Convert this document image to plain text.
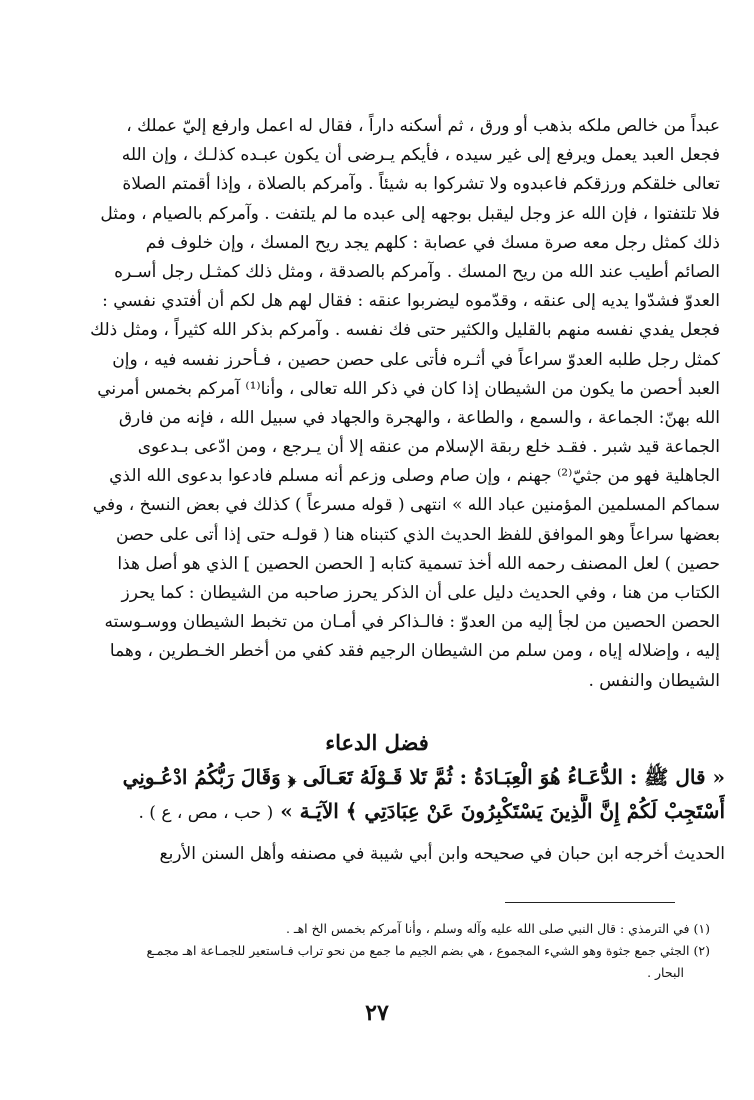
عبداً من خالص ملكه بذهب أو ورق ، ثم أسكنه داراً ، فقال له اعمل وارفع إليّ عملك ،
فجعل العبد يعمل ويرفع إلى غير سيده ، فأيكم يـرضى أن يكون عبـده كذلـك ، وإن الله
تعالى خلقكم ورزقكم فاعبدوه ولا تشركوا به شيئاً . وآمركم بالصلاة ، وإذا أقمتم الصلاة
فلا تلتفتوا ، فإن الله عز وجل ليقبل بوجهه إلى عبده ما لم يلتفت . وآمركم بالصيام ، ومثل
ذلك كمثل رجل معه صرة مسك في عصابة : كلهم يجد ريح المسك ، وإن خلوف فم
الصائم أطيب عند الله من ريح المسك . وآمركم بالصدقة ، ومثل ذلك كمثـل رجل أسـره
العدوّ فشدّوا يديه إلى عنقه ، وقدّموه ليضربوا عنقه : فقال لهم هل لكم أن أفتدي نفسي :
فجعل يفدي نفسه منهم بالقليل والكثير حتى فك نفسه . وآمركم بذكر الله كثيراً ، ومثل ذلك
كمثل رجل طلبه العدوّ سراعاً في أثـره فأتى على حصن حصين ، فـأحرز نفسه فيه ، وإن
العبد أحصن ما يكون من الشيطان إذا كان في ذكر الله تعالى ، وأنا⁽¹⁾ آمركم بخمس أمرني
الله بهنّ: الجماعة ، والسمع ، والطاعة ، والهجرة والجهاد في سبيل الله ، فإنه من فارق
الجماعة قيد شبر . فقـد خلع ربقة الإسلام من عنقه إلا أن يـرجع ، ومن ادّعى بـدعوى
الجاهلية فهو من جثيّ⁽²⁾ جهنم ، وإن صام وصلى وزعم أنه مسلم فادعوا بدعوى الله الذي
سماكم المسلمين المؤمنين عباد الله » انتهى ( قوله مسرعاً ) كذلك في بعض النسخ ، وفي
بعضها سراعاً وهو الموافق للفظ الحديث الذي كتبناه هنا ( قولـه حتى إذا أتى على حصن
حصين ) لعل المصنف رحمه الله أخذ تسمية كتابه [ الحصن الحصين ] الذي هو أصل هذا
الكتاب من هنا ، وفي الحديث دليل على أن الذكر يحرز صاحبه من الشيطان : كما يحرز
الحصن الحصين من لجأ إليه من العدوّ : فالـذاكر في أمـان من تخبط الشيطان ووسـوسته
إليه ، وإضلاله إياه ، ومن سلم من الشيطان الرجيم فقد كفي من أخطر الخـطرين ، وهما
الشيطان والنفس .
فضل الدعاء
« قال ﷺ : الدُّعَـاءُ هُوَ الْعِبَـادَةُ : ثُمَّ تَلا قَـوْلَهُ تَعَـالَى ﴿ وَقَالَ رَبُّكُمُ ادْعُـونِي
أَسْتَجِبْ لَكُمْ إِنَّ الَّذِينَ يَسْتَكْبِرُونَ عَنْ عِبَادَتِي ﴾ الآيَـة » ( حب ، مص ، ع ) .
الحديث أخرجه ابن حبان في صحيحه وابن أبي شيبة في مصنفه وأهل السنن الأربع
(١) في الترمذي : قال النبي صلى الله عليه وآله وسلم ، وأنا آمركم بخمس الخ اهـ .
(٢) الجثي جمع جثوة وهو الشيء المجموع ، هي بضم الجيم ما جمع من نحو تراب فـاستعير للجمـاعة اهـ مجمـع
البحار .
٢٧
